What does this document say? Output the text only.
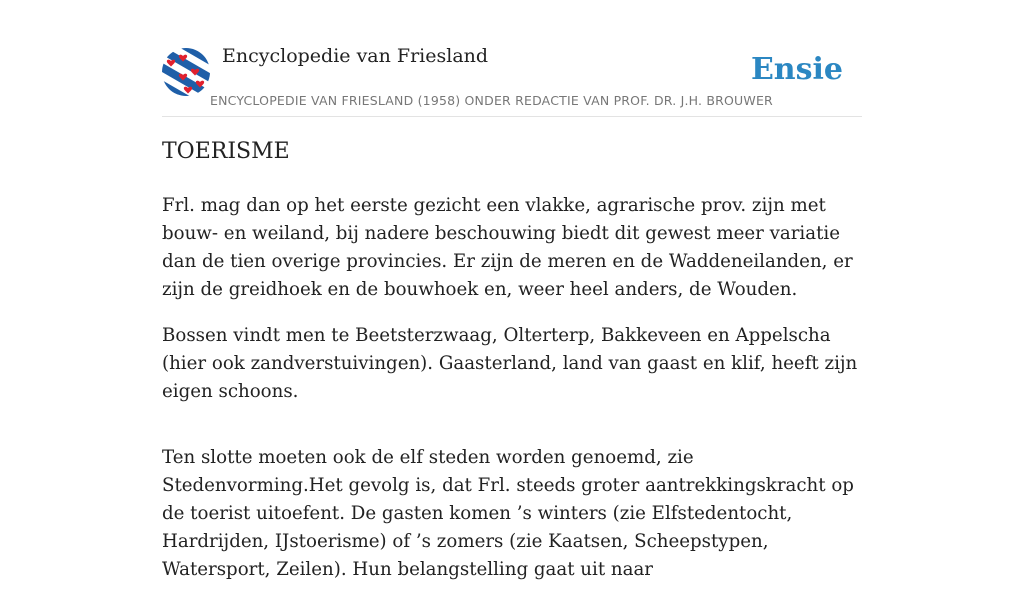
Encyclopedie van Friesland
ENCYCLOPEDIE VAN FRIESLAND (1958) ONDER REDACTIE VAN PROF. DR. J.H. BROUWER
Ensie
TOERISME

Frl. mag dan op het eerste gezicht een vlakke, agrarische prov. zijn met bouw- en weiland, bij nadere beschouwing biedt dit gewest meer variatie dan de tien overige provincies. Er zijn de meren en de Waddeneilanden, er zijn de greidhoek en de bouwhoek en, weer heel anders, de Wouden.

Bossen vindt men te Beetsterzwaag, Olterterp, Bakkeveen en Appelscha (hier ook zandverstuivingen). Gaasterland, land van gaast en klif, heeft zijn eigen schoons.

Ten slotte moeten ook de elf steden worden genoemd, zie Stedenvorming.Het gevolg is, dat Frl. steeds groter aantrekkingskracht op de toerist uitoefent. De gasten komen ’s winters (zie Elfstedentocht, Hardrijden, IJstoerisme) of ’s zomers (zie Kaatsen, Scheepstypen, Watersport, Zeilen). Hun belangstelling gaat uit naar
